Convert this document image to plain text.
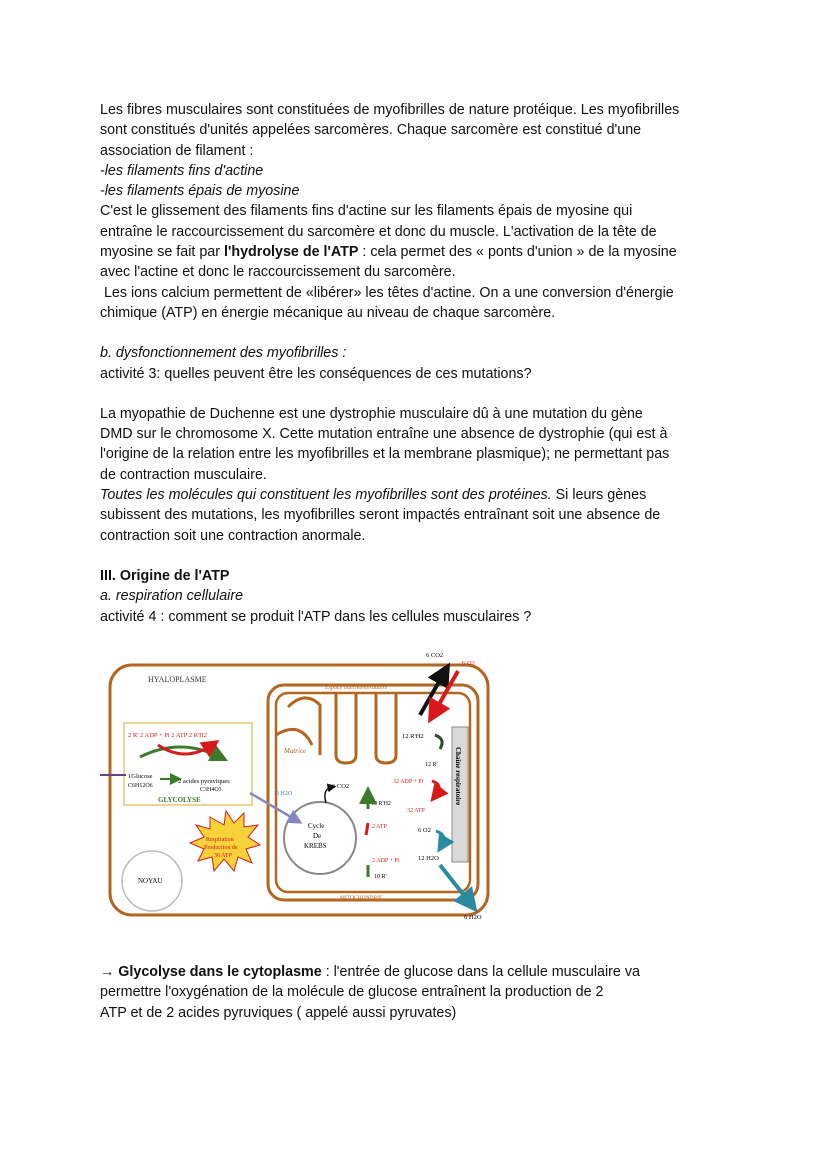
Les fibres musculaires sont constituées de myofibrilles de nature protéique. Les myofibrilles

sont constitués d'unités appelées sarcomères. Chaque sarcomère est constitué d'une

association de filament :

-les filaments fins d'actine

-les filaments épais de myosine

C'est le glissement des filaments fins d'actine sur les filaments épais de myosine qui

entraîne le raccourcissement du sarcomère et donc du muscle. L'activation de la tête de

myosine se fait par l'hydrolyse de l'ATP : cela permet des « ponts d'union » de la myosine

avec l'actine et donc le raccourcissement du sarcomère.

Les ions calcium permettent de «libérer» les têtes d'actine. On a une conversion d'énergie

chimique (ATP) en énergie mécanique au niveau de chaque sarcomère.

b. dysfonctionnement des myofibrilles :

activité 3: quelles peuvent être les conséquences de ces mutations?

La myopathie de Duchenne est une dystrophie musculaire dû à une mutation du gène

DMD sur le chromosome X. Cette mutation entraîne une absence de dystrophie (qui est à

l'origine de la relation entre les myofibrilles et la membrane plasmique); ne permettant pas

de contraction musculaire.

Toutes les molécules qui constituent les myofibrilles sont des protéines. Si leurs gènes

subissent des mutations, les myofibrilles seront impactés entraînant soit une absence de

contraction soit une contraction anormale.

III. Origine de l'ATP

a. respiration cellulaire

activité 4 : comment se produit l'ATP dans les cellules musculaires ?

HYALOPLASME
Espace intermembranaire
Matrice
MITOCHONDRIE
2 R' 2 ADP + Pi 2 ATP 2 R'H2
1Glucose
C6H12O6
2 acides pyruviques
C3H4O3
GLYCOLYSE
Respiration
Production de
36 ATP
NOYAU
Cycle
De
KREBS
6 H2O
6 CO2	Chaîne respiratoire
12 R'H2
12 R'
32 ADP + Pi
10 R'H2
32 ATP
2 ATP	6 O2
2 ADP + Pi	12 H2O
10 R'
6 CO2
6 O2
6 H2O

→ Glycolyse dans le cytoplasme : l'entrée de glucose dans la cellule musculaire va

permettre l'oxygénation de la molécule de glucose entraînent la production de 2

ATP et de 2 acides pyruviques ( appelé aussi pyruvates)
